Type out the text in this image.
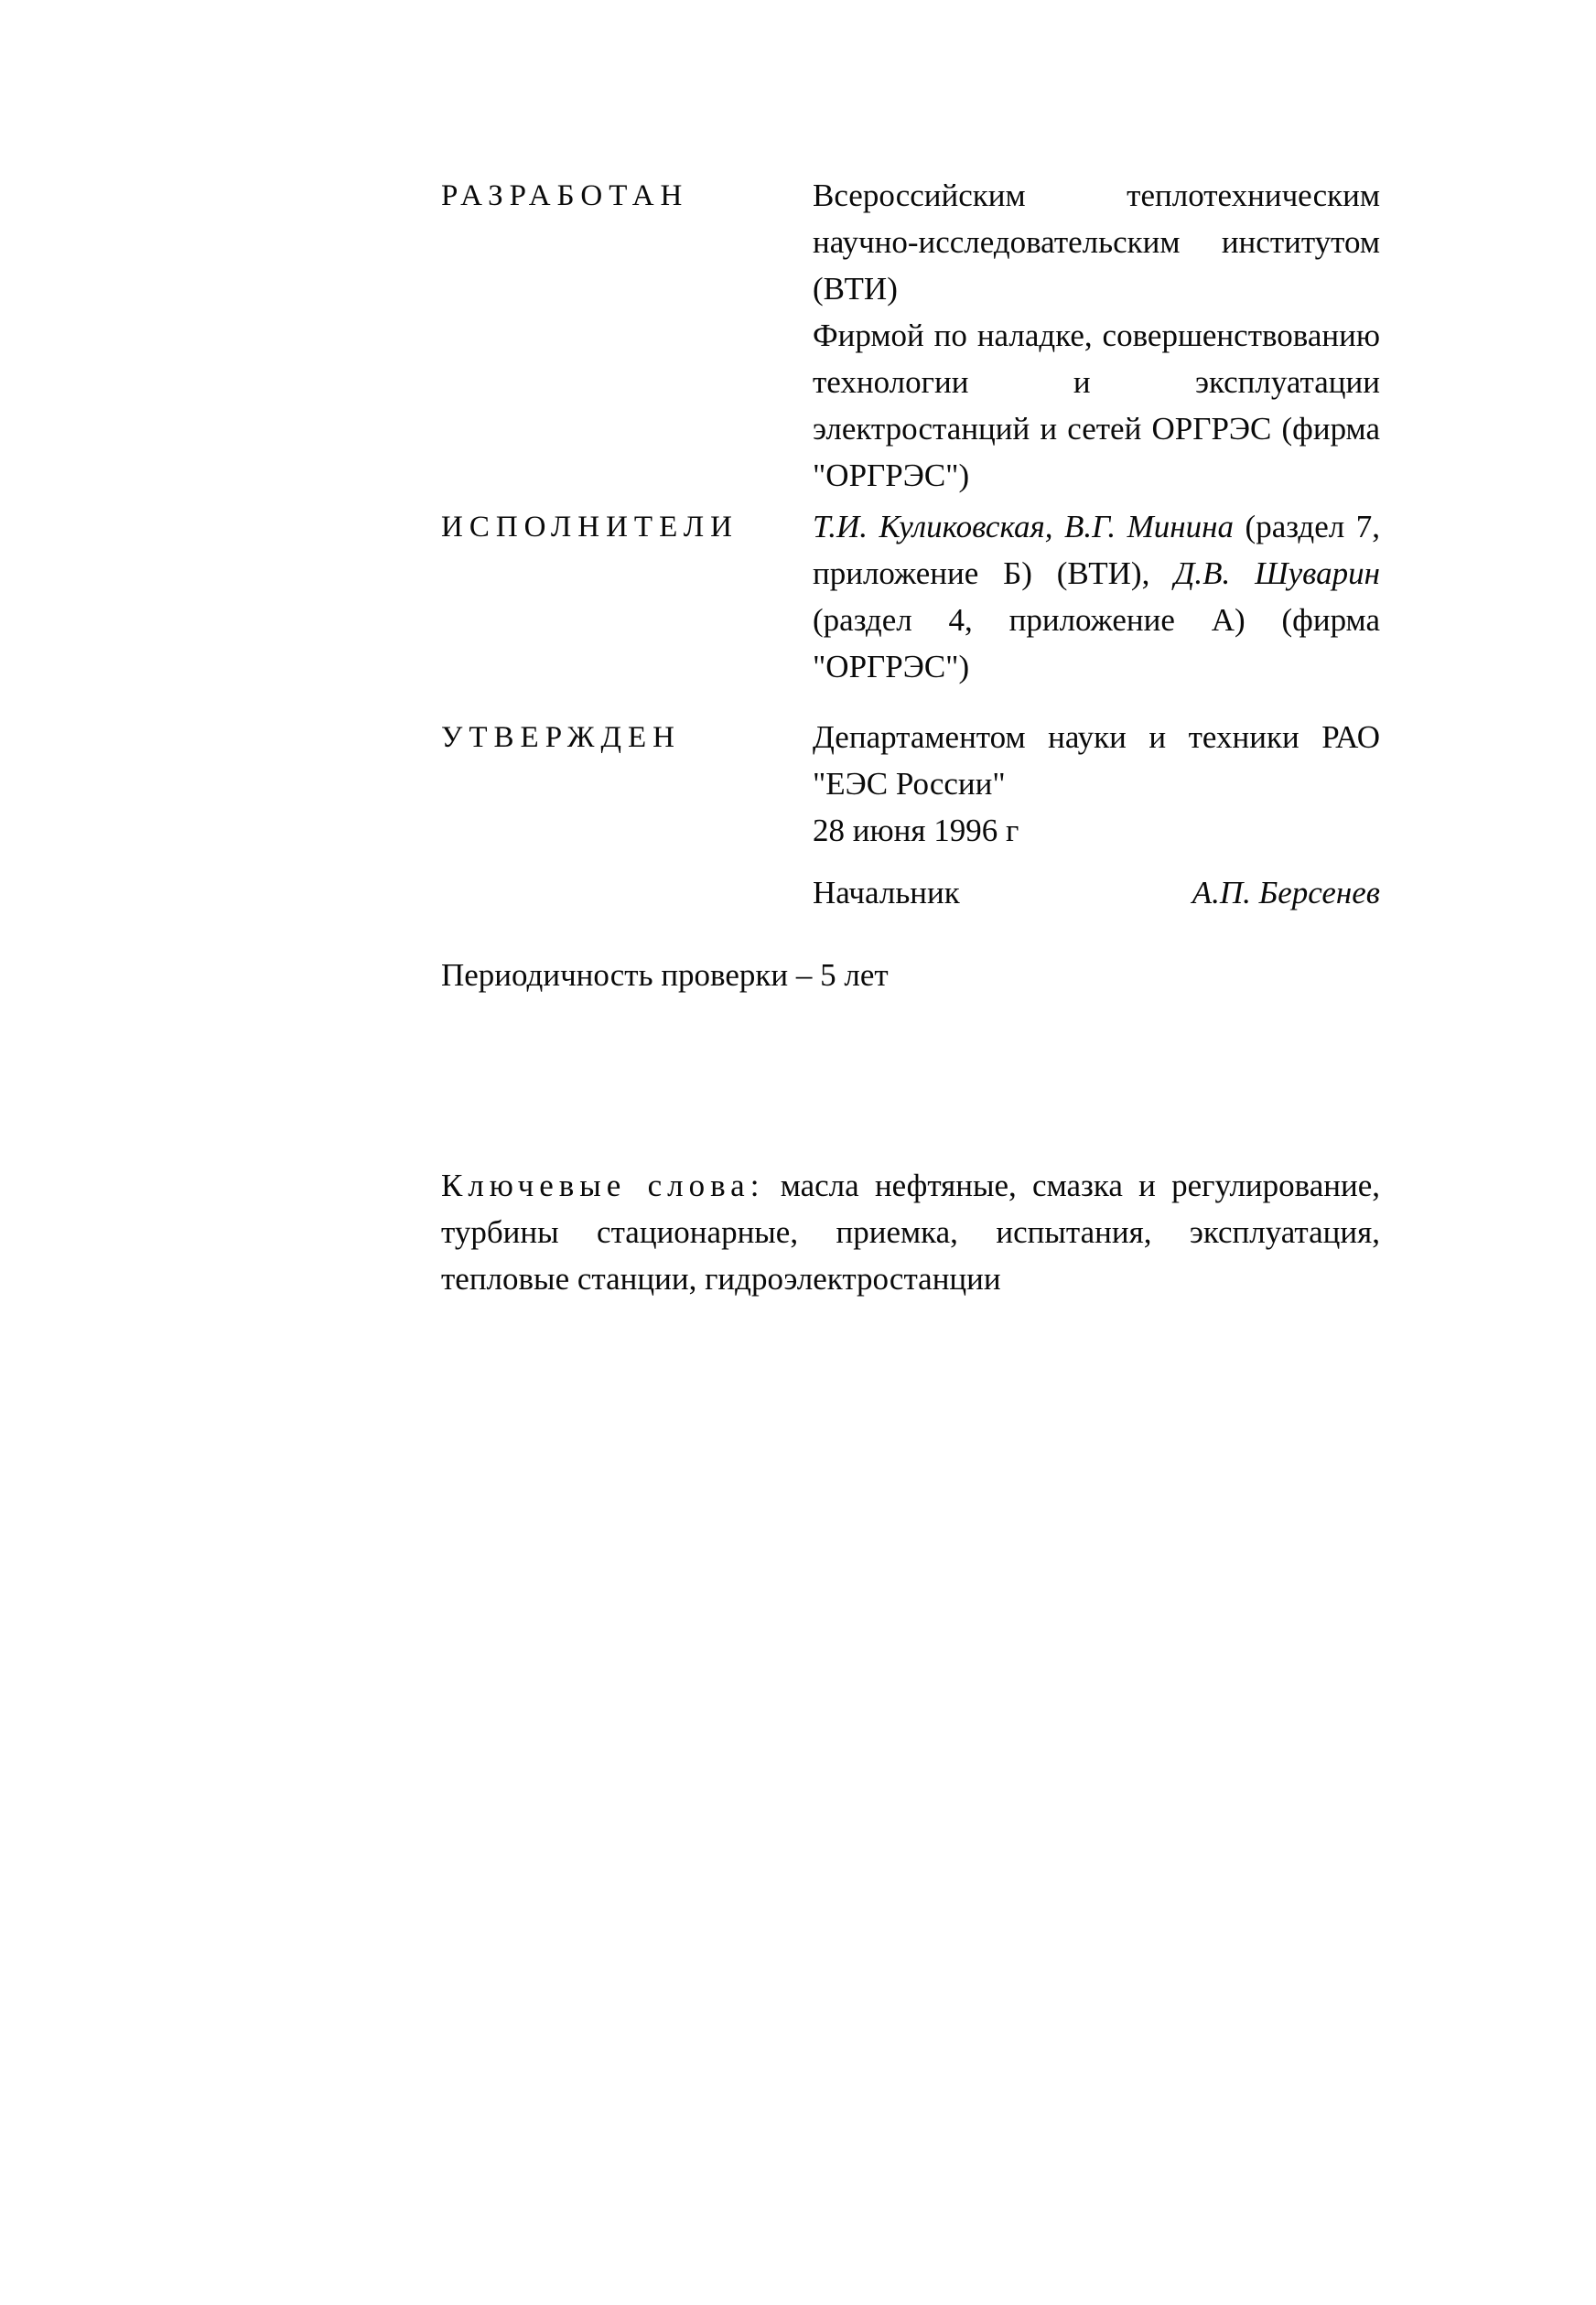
РАЗРАБОТАН	Всероссийским теплотехническим научно-исследовательским институтом (ВТИ)

Фирмой по наладке, совершенствованию технологии и эксплуатации электростанций и сетей ОРГРЭС (фирма "ОРГРЭС")

ИСПОЛНИТЕЛИ Т.И. Куликовская, В.Г. Минина (раздел 7, приложение Б) (ВТИ), Д.В. Шуварин (раздел 4, приложение А) (фирма "ОРГРЭС")

УТВЕРЖДЕН	Департаментом науки и техники РАО "ЕЭС России"

28 июня 1996 г

Начальник	А.П. Берсенев
Периодичность проверки – 5 лет
Ключевые слова: масла нефтяные, смазка и регулирование, турбины стационарные, приемка, испытания, эксплуатация, тепловые станции, гидроэлектростанции
